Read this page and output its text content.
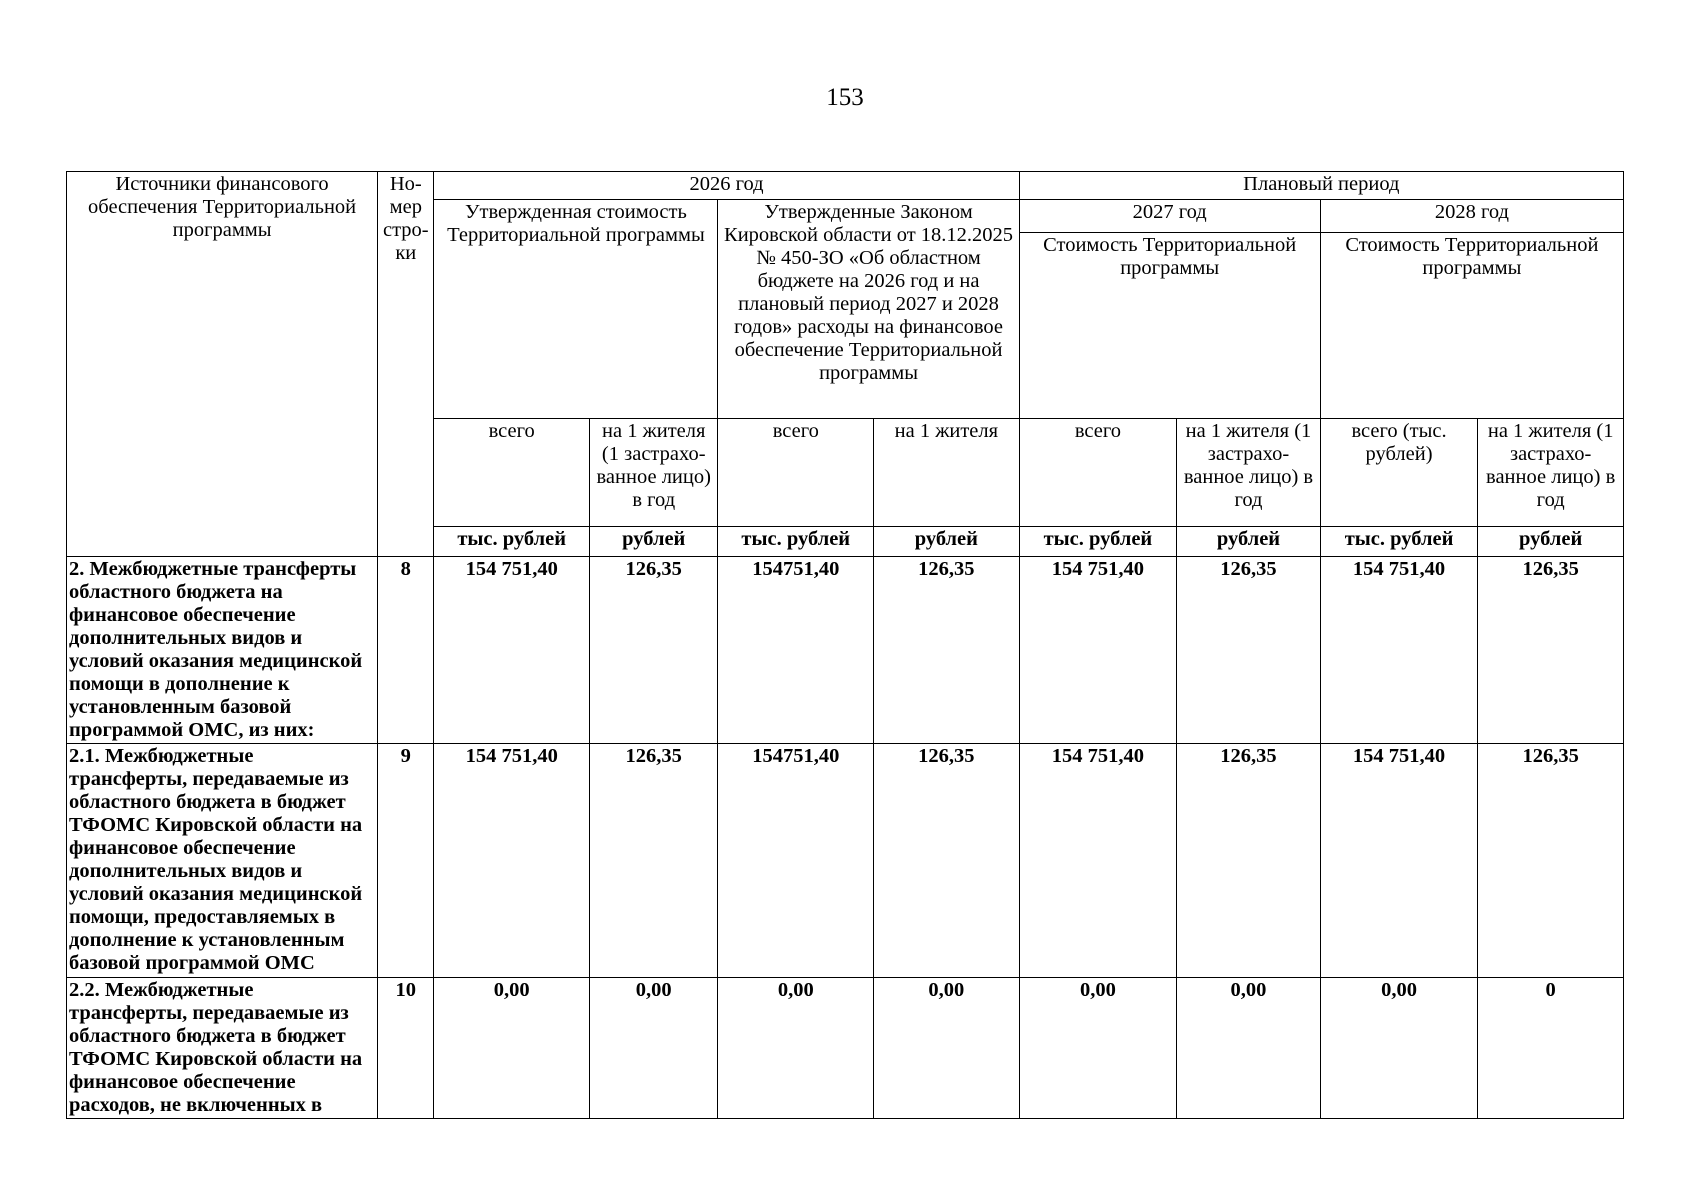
153
Источники финансового обеспечения Территориальной программы	Но-мер стро-ки	2026 год				Плановый период			
		Утвержденная стоимость Территориальной программы		Утвержденные Законом Кировской области от 18.12.2025 № 450-ЗО «Об областном бюджете на 2026 год и на плановый период 2027 и 2028 годов» расходы на финансовое обеспечение Территориальной программы		2027 год		2028 год	
						Стоимость Территориальной программы		Стоимость Территориальной программы	
		всего	на 1 жителя (1 застрахо-ванное лицо) в год	всего	на 1 жителя	всего	на 1 жителя (1 застрахо-ванное лицо) в год	всего (тыс. рублей)	на 1 жителя (1 застрахо-ванное лицо) в год
		тыс. рублей	рублей	тыс. рублей	рублей	тыс. рублей	рублей	тыс. рублей	рублей
2. Межбюджетные трансферты областного бюджета на финансовое обеспечение дополнительных видов и условий оказания медицинской помощи в дополнение к установленным базовой программой ОМС, из них:	8	154 751,40	126,35	154751,40	126,35	154 751,40	126,35	154 751,40	126,35
2.1. Межбюджетные трансферты, передаваемые из областного бюджета в бюджет ТФОМС Кировской области на финансовое обеспечение дополнительных видов и условий оказания медицинской помощи, предоставляемых в дополнение к установленным базовой программой ОМС	9	154 751,40	126,35	154751,40	126,35	154 751,40	126,35	154 751,40	126,35
2.2. Межбюджетные трансферты, передаваемые из областного бюджета в бюджет ТФОМС Кировской области на финансовое обеспечение расходов, не включенных в	10	0,00	0,00	0,00	0,00	0,00	0,00	0,00	0
